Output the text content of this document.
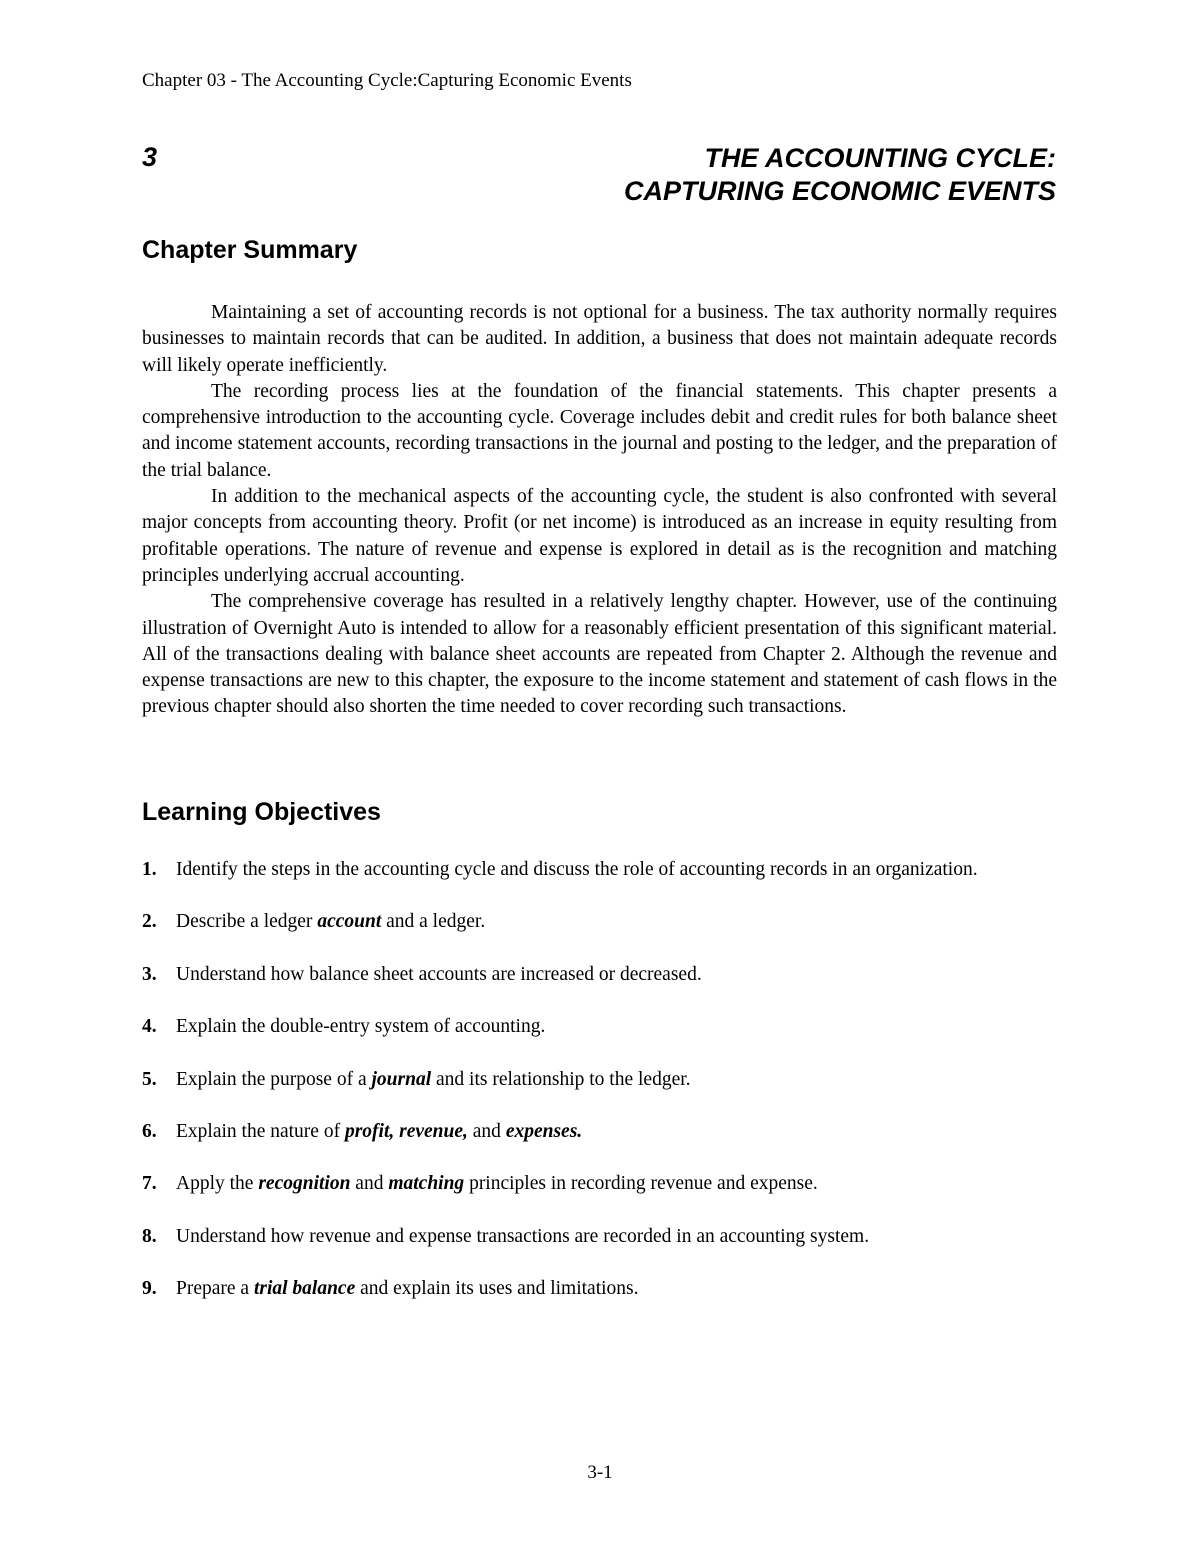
Chapter 03 - The Accounting Cycle:Capturing Economic Events
3	THE ACCOUNTING CYCLE:
CAPTURING ECONOMIC EVENTS
Chapter Summary

Maintaining a set of accounting records is not optional for a business. The tax authority normally requires businesses to maintain records that can be audited. In addition, a business that does not maintain adequate records will likely operate inefficiently.

The recording process lies at the foundation of the financial statements. This chapter presents a comprehensive introduction to the accounting cycle. Coverage includes debit and credit rules for both balance sheet and income statement accounts, recording transactions in the journal and posting to the ledger, and the preparation of the trial balance.

In addition to the mechanical aspects of the accounting cycle, the student is also confronted with several major concepts from accounting theory. Profit (or net income) is introduced as an increase in equity resulting from profitable operations. The nature of revenue and expense is explored in detail as is the recognition and matching principles underlying accrual accounting.

The comprehensive coverage has resulted in a relatively lengthy chapter. However, use of the continuing illustration of Overnight Auto is intended to allow for a reasonably efficient presentation of this significant material. All of the transactions dealing with balance sheet accounts are repeated from Chapter 2. Although the revenue and expense transactions are new to this chapter, the exposure to the income statement and statement of cash flows in the previous chapter should also shorten the time needed to cover recording such transactions.

Learning Objectives
1. Identify the steps in the accounting cycle and discuss the role of accounting records in an organization.
2. Describe a ledger account and a ledger.
3. Understand how balance sheet accounts are increased or decreased.
4. Explain the double-entry system of accounting.
5. Explain the purpose of a journal and its relationship to the ledger.
6. Explain the nature of profit, revenue, and expenses.
7. Apply the recognition and matching principles in recording revenue and expense.
8. Understand how revenue and expense transactions are recorded in an accounting system.
9. Prepare a trial balance and explain its uses and limitations.
3-1
